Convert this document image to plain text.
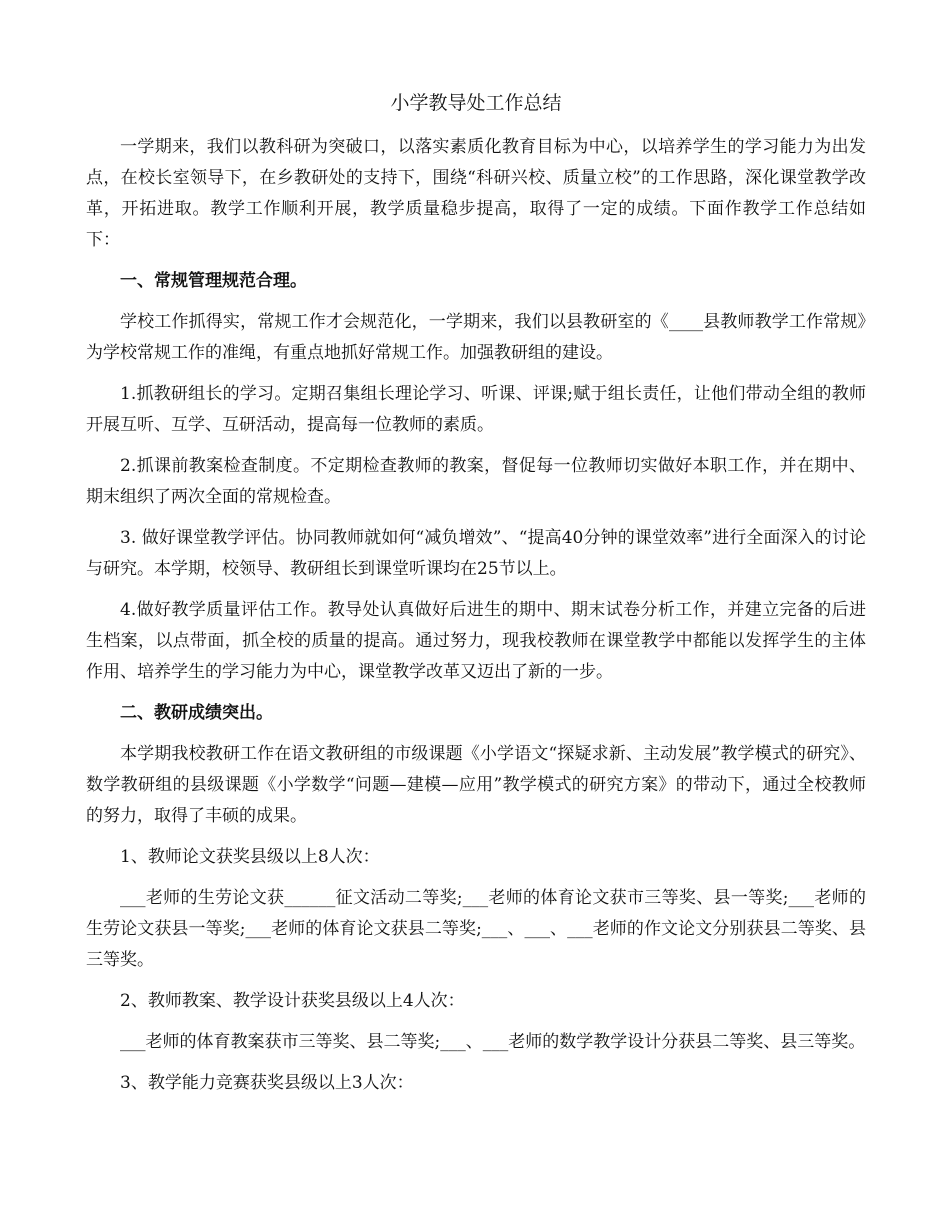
小学教导处工作总结
一学期来，我们以教科研为突破口，以落实素质化教育目标为中心，以培养学生的学习能力为出发点，在校长室领导下，在乡教研处的支持下，围绕“科研兴校、质量立校”的工作思路，深化课堂教学改革，开拓进取。教学工作顺利开展，教学质量稳步提高，取得了一定的成绩。下面作教学工作总结如下：
一、常规管理规范合理。
学校工作抓得实，常规工作才会规范化，一学期来，我们以县教研室的《____县教师教学工作常规》为学校常规工作的准绳，有重点地抓好常规工作。加强教研组的建设。
1.抓教研组长的学习。定期召集组长理论学习、听课、评课;赋于组长责任，让他们带动全组的教师开展互听、互学、互研活动，提高每一位教师的素质。
2.抓课前教案检查制度。不定期检查教师的教案，督促每一位教师切实做好本职工作，并在期中、期末组织了两次全面的常规检查。
3. 做好课堂教学评估。协同教师就如何“减负增效”、“提高40分钟的课堂效率”进行全面深入的讨论与研究。本学期，校领导、教研组长到课堂听课均在25节以上。
4.做好教学质量评估工作。教导处认真做好后进生的期中、期末试卷分析工作，并建立完备的后进生档案，以点带面，抓全校的质量的提高。通过努力，现我校教师在课堂教学中都能以发挥学生的主体作用、培养学生的学习能力为中心，课堂教学改革又迈出了新的一步。
二、教研成绩突出。
本学期我校教研工作在语文教研组的市级课题《小学语文“探疑求新、主动发展”教学模式的研究》、数学教研组的县级课题《小学数学“问题—建模—应用”教学模式的研究方案》的带动下，通过全校教师的努力，取得了丰硕的成果。
1、教师论文获奖县级以上8人次：
___老师的生劳论文获______征文活动二等奖;___老师的体育论文获市三等奖、县一等奖;___老师的生劳论文获县一等奖;___老师的体育论文获县二等奖;___、___、___老师的作文论文分别获县二等奖、县三等奖。
2、教师教案、教学设计获奖县级以上4人次：
___老师的体育教案获市三等奖、县二等奖;___、___老师的数学教学设计分获县二等奖、县三等奖。
3、教学能力竞赛获奖县级以上3人次：
